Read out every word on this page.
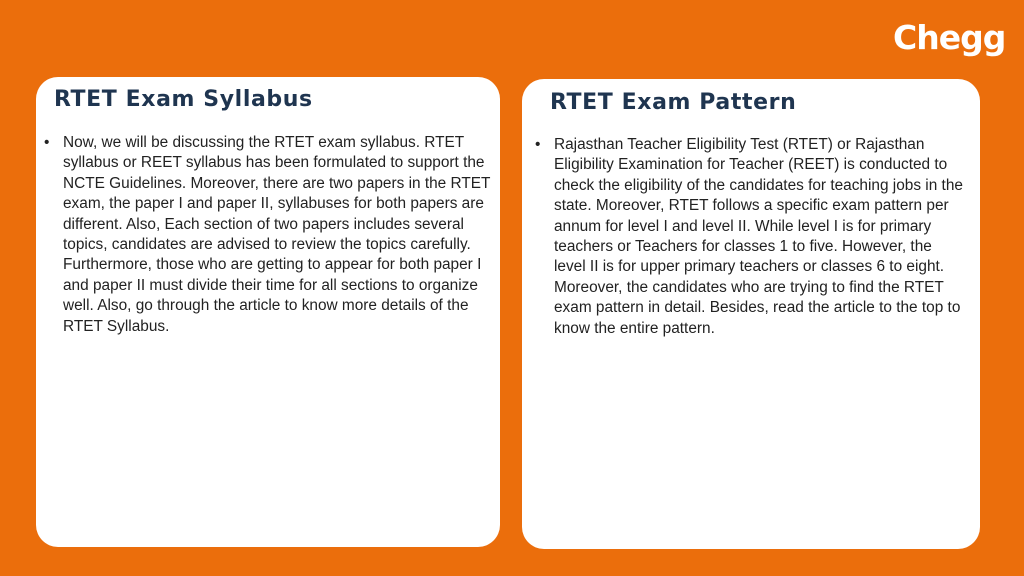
Chegg
RTET Exam Syllabus
• Now, we will be discussing the RTET exam syllabus. RTET syllabus or REET syllabus has been formulated to support the NCTE Guidelines. Moreover, there are two papers in the RTET exam, the paper I and paper II, syllabuses for both papers are different. Also, Each section of two papers includes several topics, candidates are advised to review the topics carefully. Furthermore, those who are getting to appear for both paper I and paper II must divide their time for all sections to organize well. Also, go through the article to know more details of the RTET Syllabus.
RTET Exam Pattern
• Rajasthan Teacher Eligibility Test (RTET) or Rajasthan Eligibility Examination for Teacher (REET) is conducted to check the eligibility of the candidates for teaching jobs in the state. Moreover, RTET follows a specific exam pattern per annum for level I and level II. While level I is for primary teachers or Teachers for classes 1 to five. However, the level II is for upper primary teachers or classes 6 to eight. Moreover, the candidates who are trying to find the RTET exam pattern in detail. Besides, read the article to the top to know the entire pattern.
